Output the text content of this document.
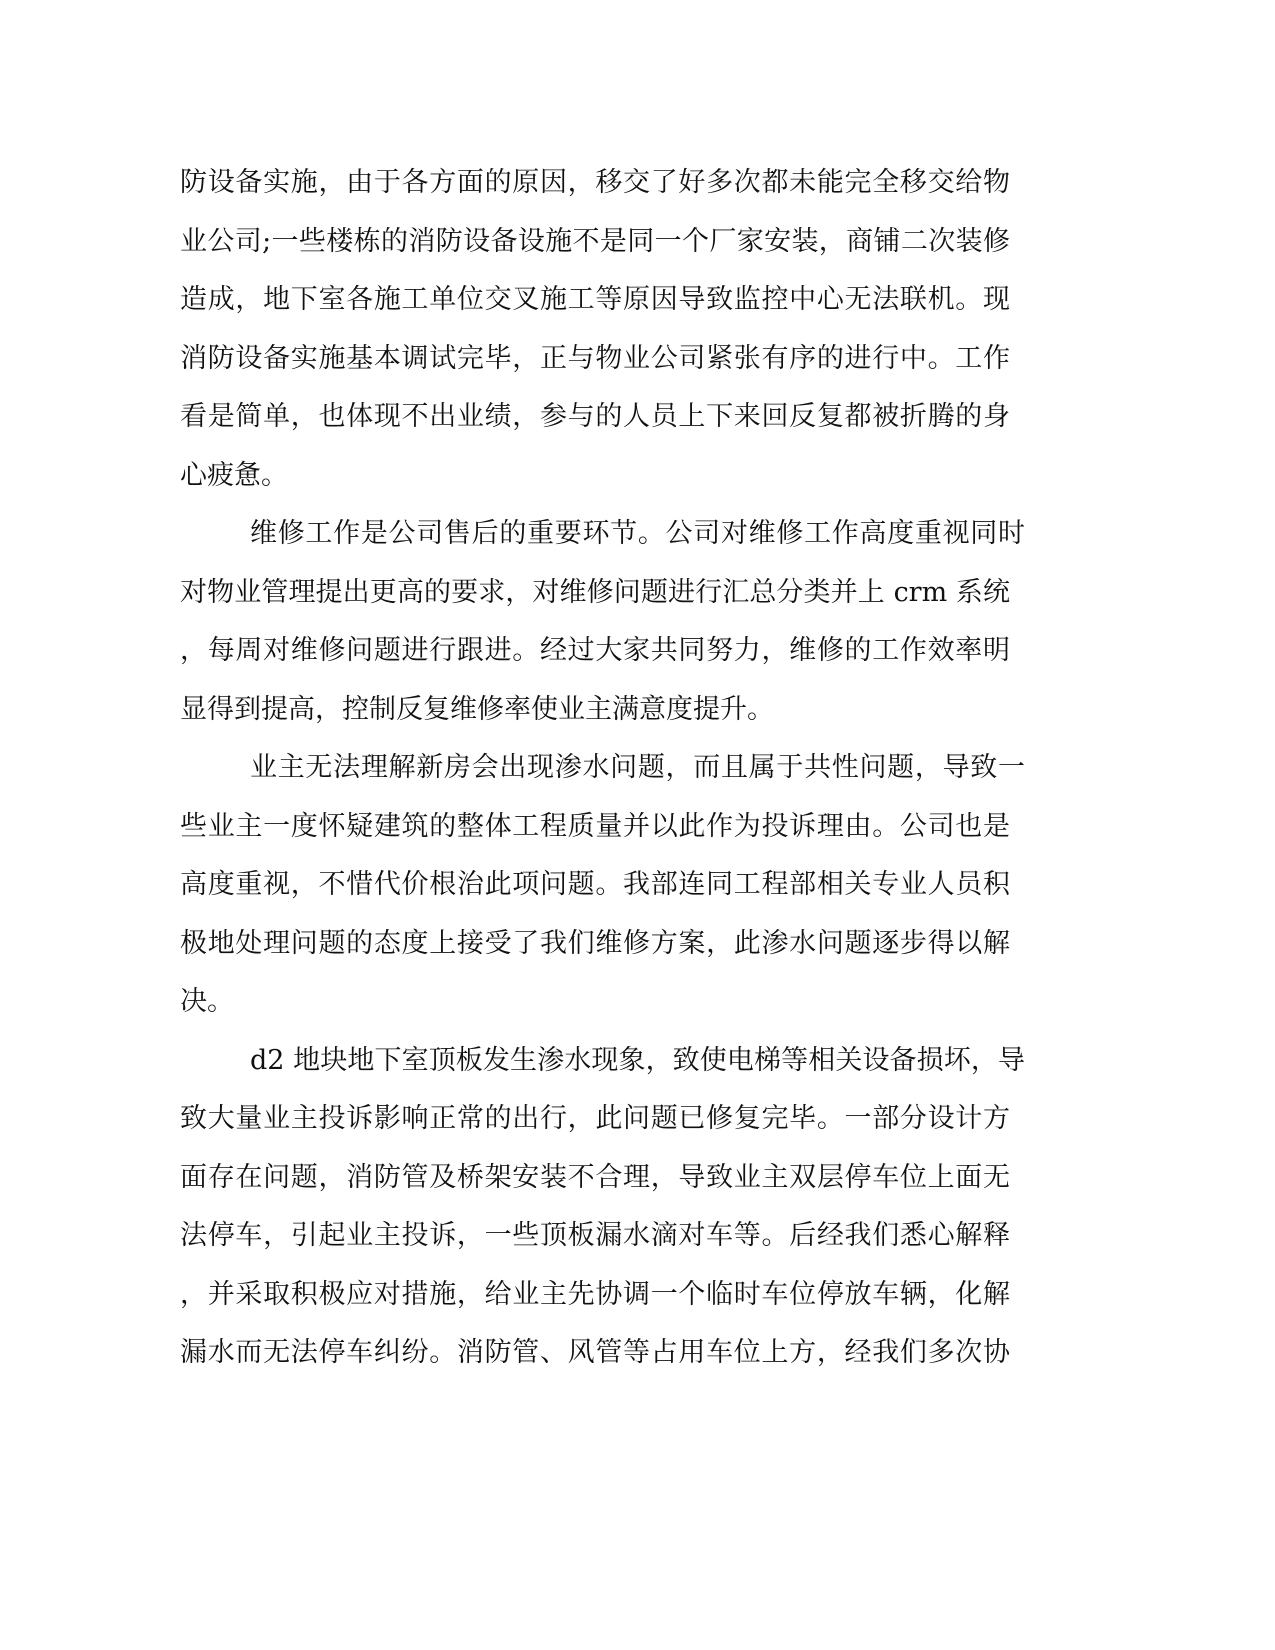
防设备实施，由于各方面的原因，移交了好多次都未能完全移交给物
业公司;一些楼栋的消防设备设施不是同一个厂家安装，商铺二次装修
造成，地下室各施工单位交叉施工等原因导致监控中心无法联机。现
消防设备实施基本调试完毕，正与物业公司紧张有序的进行中。工作
看是简单，也体现不出业绩，参与的人员上下来回反复都被折腾的身
心疲惫。
维修工作是公司售后的重要环节。公司对维修工作高度重视同时
对物业管理提出更高的要求，对维修问题进行汇总分类并上 crm 系统
，每周对维修问题进行跟进。经过大家共同努力，维修的工作效率明
显得到提高，控制反复维修率使业主满意度提升。
业主无法理解新房会出现渗水问题，而且属于共性问题，导致一
些业主一度怀疑建筑的整体工程质量并以此作为投诉理由。公司也是
高度重视，不惜代价根治此项问题。我部连同工程部相关专业人员积
极地处理问题的态度上接受了我们维修方案，此渗水问题逐步得以解
决。
d2 地块地下室顶板发生渗水现象，致使电梯等相关设备损坏，导
致大量业主投诉影响正常的出行，此问题已修复完毕。一部分设计方
面存在问题，消防管及桥架安装不合理，导致业主双层停车位上面无
法停车，引起业主投诉，一些顶板漏水滴对车等。后经我们悉心解释
，并采取积极应对措施，给业主先协调一个临时车位停放车辆，化解
漏水而无法停车纠纷。消防管、风管等占用车位上方，经我们多次协
